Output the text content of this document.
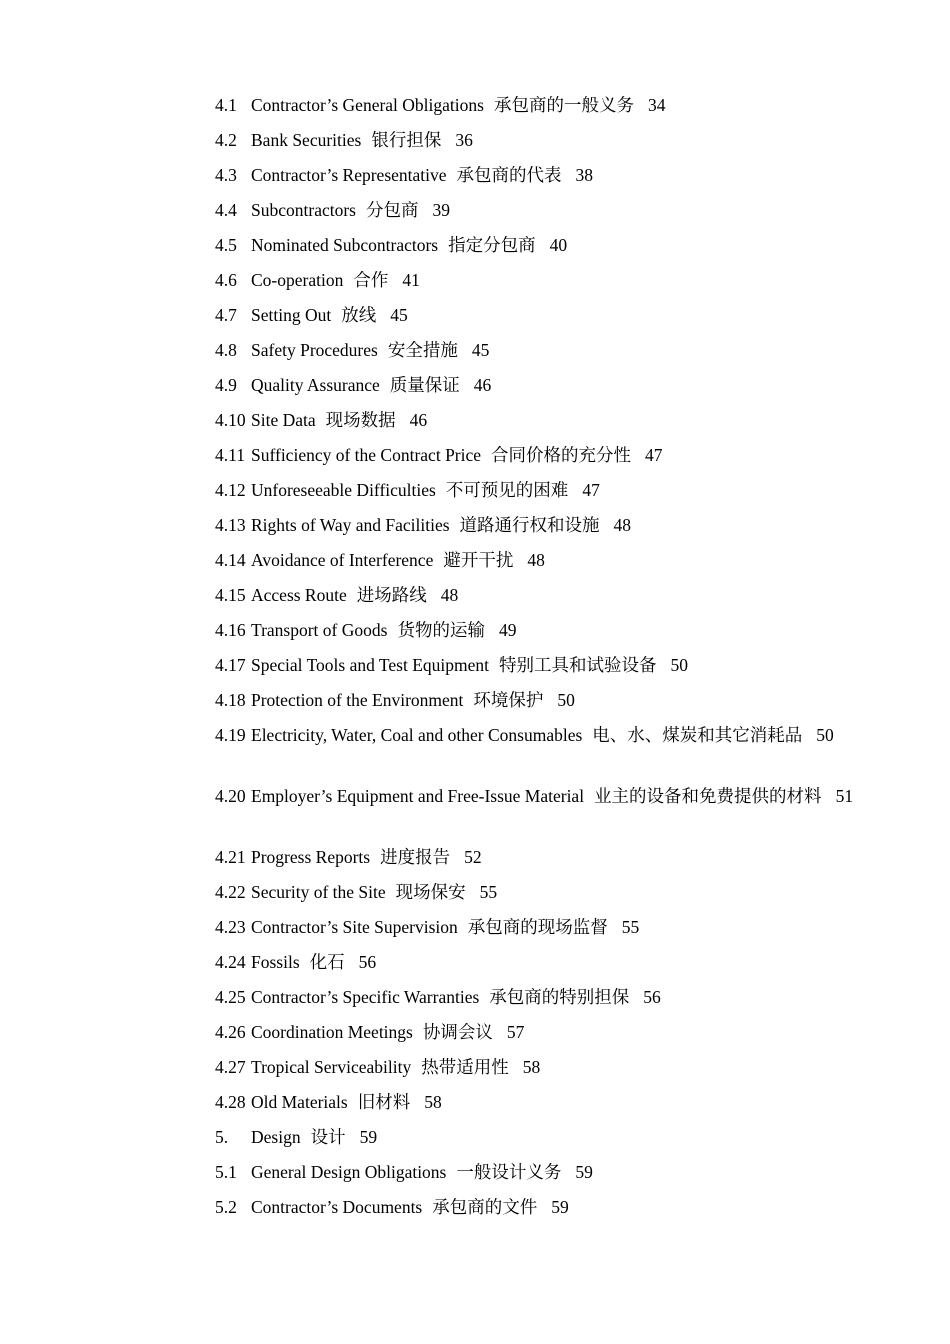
4.1 Contractor’s General Obligations 承包商的一般义务 34
4.2 Bank Securities 银行担保 36
4.3 Contractor’s Representative 承包商的代表 38
4.4 Subcontractors 分包商 39
4.5 Nominated Subcontractors 指定分包商 40
4.6 Co-operation 合作 41
4.7 Setting Out 放线 45
4.8 Safety Procedures 安全措施 45
4.9 Quality Assurance 质量保证 46
4.10 Site Data 现场数据 46
4.11 Sufficiency of the Contract Price 合同价格的充分性 47
4.12 Unforeseeable Difficulties 不可预见的困难 47
4.13 Rights of Way and Facilities 道路通行权和设施 48
4.14 Avoidance of Interference 避开干扰 48
4.15 Access Route 进场路线 48
4.16 Transport of Goods 货物的运输 49
4.17 Special Tools and Test Equipment 特别工具和试验设备 50
4.18 Protection of the Environment 环境保护 50
4.19 Electricity, Water, Coal and other Consumables 电、水、煤炭和其它消耗品 50
4.20 Employer’s Equipment and Free-Issue Material 业主的设备和免费提供的材料 51
4.21 Progress Reports 进度报告 52
4.22 Security of the Site 现场保安 55
4.23 Contractor’s Site Supervision 承包商的现场监督 55
4.24 Fossils 化石 56
4.25 Contractor’s Specific Warranties 承包商的特别担保 56
4.26 Coordination Meetings 协调会议 57
4.27 Tropical Serviceability 热带适用性 58
4.28 Old Materials 旧材料 58
5.	Design 设计 59
5.1 General Design Obligations 一般设计义务 59
5.2 Contractor’s Documents 承包商的文件 59
